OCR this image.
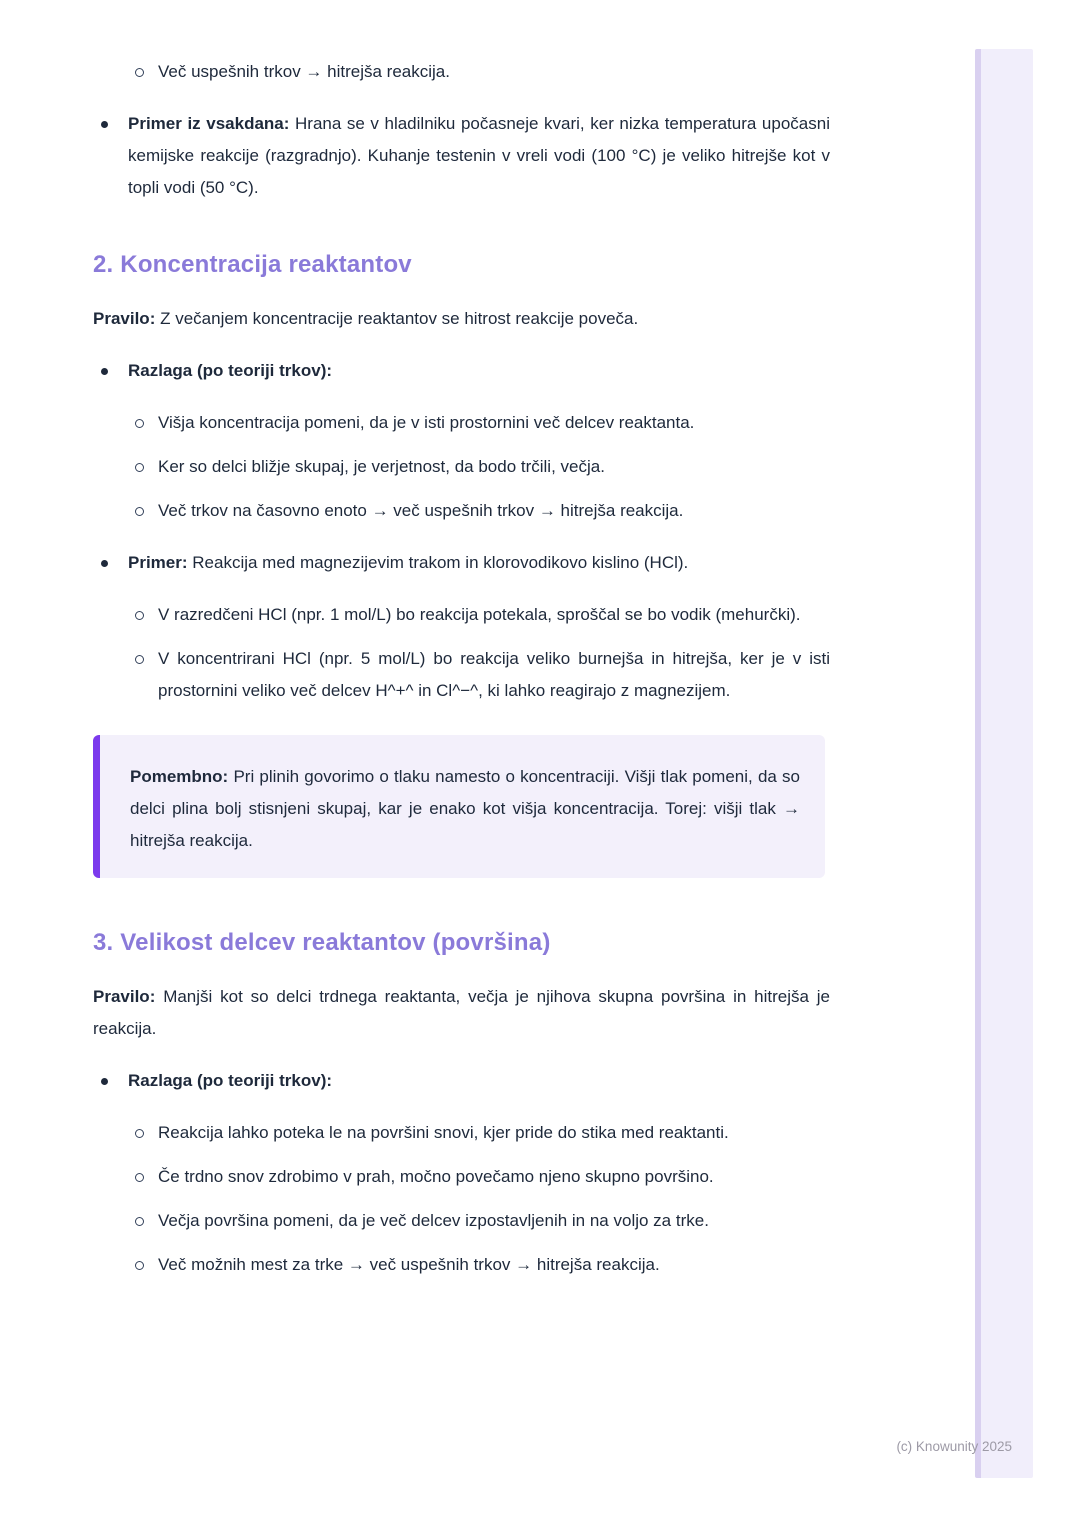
Več uspešnih trkov → hitrejša reakcija.
Primer iz vsakdana: Hrana se v hladilniku počasneje kvari, ker nizka temperatura upočasni kemijske reakcije (razgradnjo). Kuhanje testenin v vreli vodi (100 °C) je veliko hitrejše kot v topli vodi (50 °C).
2. Koncentracija reaktantov

Pravilo: Z večanjem koncentracije reaktantov se hitrost reakcije poveča.

Razlaga (po teoriji trkov):
Višja koncentracija pomeni, da je v isti prostornini več delcev reaktanta.
Ker so delci bližje skupaj, je verjetnost, da bodo trčili, večja.
Več trkov na časovno enoto → več uspešnih trkov → hitrejša reakcija.
Primer: Reakcija med magnezijevim trakom in klorovodikovo kislino (HCl).
V razredčeni HCl (npr. 1 mol/L) bo reakcija potekala, sproščal se bo vodik (mehurčki).
V koncentrirani HCl (npr. 5 mol/L) bo reakcija veliko burnejša in hitrejša, ker je v isti prostornini veliko več delcev H^+^ in Cl^−^, ki lahko reagirajo z magnezijem.
Pomembno: Pri plinih govorimo o tlaku namesto o koncentraciji. Višji tlak pomeni, da so delci plina bolj stisnjeni skupaj, kar je enako kot višja koncentracija. Torej: višji tlak → hitrejša reakcija.
3. Velikost delcev reaktantov (površina)

Pravilo: Manjši kot so delci trdnega reaktanta, večja je njihova skupna površina in hitrejša je reakcija.

Razlaga (po teoriji trkov):
Reakcija lahko poteka le na površini snovi, kjer pride do stika med reaktanti.
Če trdno snov zdrobimo v prah, močno povečamo njeno skupno površino.
Večja površina pomeni, da je več delcev izpostavljenih in na voljo za trke.
Več možnih mest za trke → več uspešnih trkov → hitrejša reakcija.
(c) Knowunity 2025
